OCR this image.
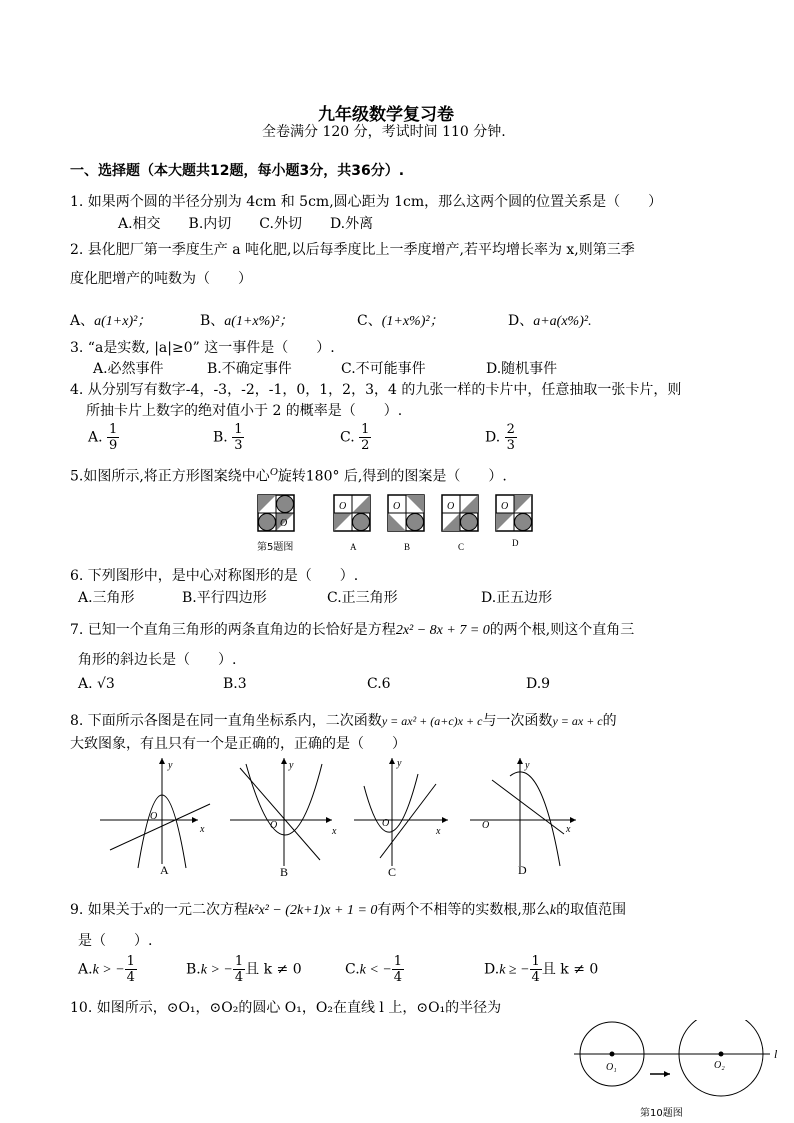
九年级数学复习卷
全卷满分 120 分，考试时间 110 分钟.
一、选择题（本大题共12题，每小题3分，共36分）.
1. 如果两个圆的半径分别为 4cm 和 5cm,圆心距为 1cm，那么这两个圆的位置关系是（　　）
A.相交　　B.内切　　C.外切　　D.外离
2. 县化肥厂第一季度生产 a 吨化肥,以后每季度比上一季度增产,若平均增长率为 x,则第三季
度化肥增产的吨数为（　　）
A、a(1+x)²；	B、a(1+x%)²；	C、(1+x%)²；	D、a+a(x%)².
3. “a是实数, |a|≥0” 这一事件是（　　）.
A.必然事件	B.不确定事件	C.不可能事件	D.随机事件
4. 从分别写有数字-4，-3，-2，-1，0，1，2，3，4 的九张一样的卡片中，任意抽取一张卡片，则
所抽卡片上数字的绝对值小于 2 的概率是（　　）.
A. $\frac{1}{9}$	B. $\frac{1}{3}$	C. $\frac{1}{2}$	D. $\frac{2}{3}$
5.如图所示,将正方形图案绕中心$^O$旋转180° 后,得到的图案是（　　）.
O
第5题图
O
A
O
B
O
C
O
D
6. 下列图形中，是中心对称图形的是（　　）.
A.三角形	B.平行四边形	C.正三角形	D.正五边形
7. 已知一个直角三角形的两条直角边的长恰好是方程2x² − 8x + 7 = 0的两个根,则这个直角三
角形的斜边长是（　　）.
A. √3	B.3	C.6	D.9
8. 下面所示各图是在同一直角坐标系内，二次函数y = ax² + (a+c)x + c与一次函数y = ax + c的
大致图象，有且只有一个是正确的，正确的是（　　）
y
x
O
A
y
x
O
B
y
x
O
C
y
x
O
D
9. 如果关于x的一元二次方程k²x² − (2k+1)x + 1 = 0有两个不相等的实数根,那么k的取值范围
是（　　）.
A.k > − $\frac{1}{4}$	B.k > − $\frac{1}{4}$ 且 k ≠ 0	C.k < − $\frac{1}{4}$	D.k ≥ − $\frac{1}{4}$ 且 k ≠ 0
10. 如图所示，⊙O₁，⊙O₂的圆心 O₁，O₂在直线 l 上，⊙O₁的半径为
l
O₁	O₂
第10题图
